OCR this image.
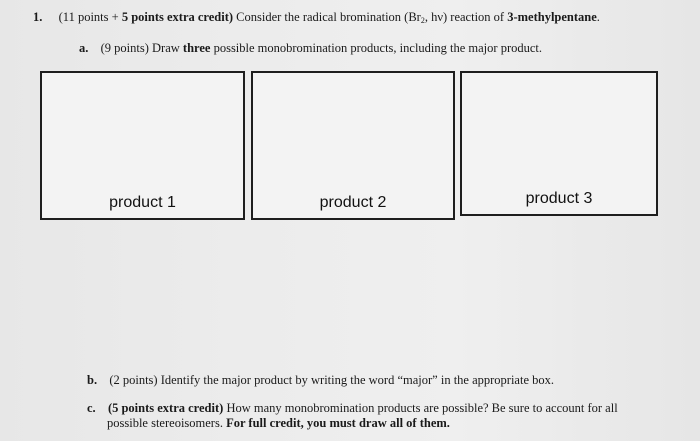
1. (11 points + 5 points extra credit) Consider the radical bromination ($Br_2$, hν) reaction of 3-methylpentane.
a. (9 points) Draw three possible monobromination products, including the major product.
product 1	product 2	product 3
b. (2 points) Identify the major product by writing the word “major” in the appropriate box.
c. (5 points extra credit) How many monobromination products are possible? Be sure to account for all
possible stereoisomers. For full credit, you must draw all of them.
